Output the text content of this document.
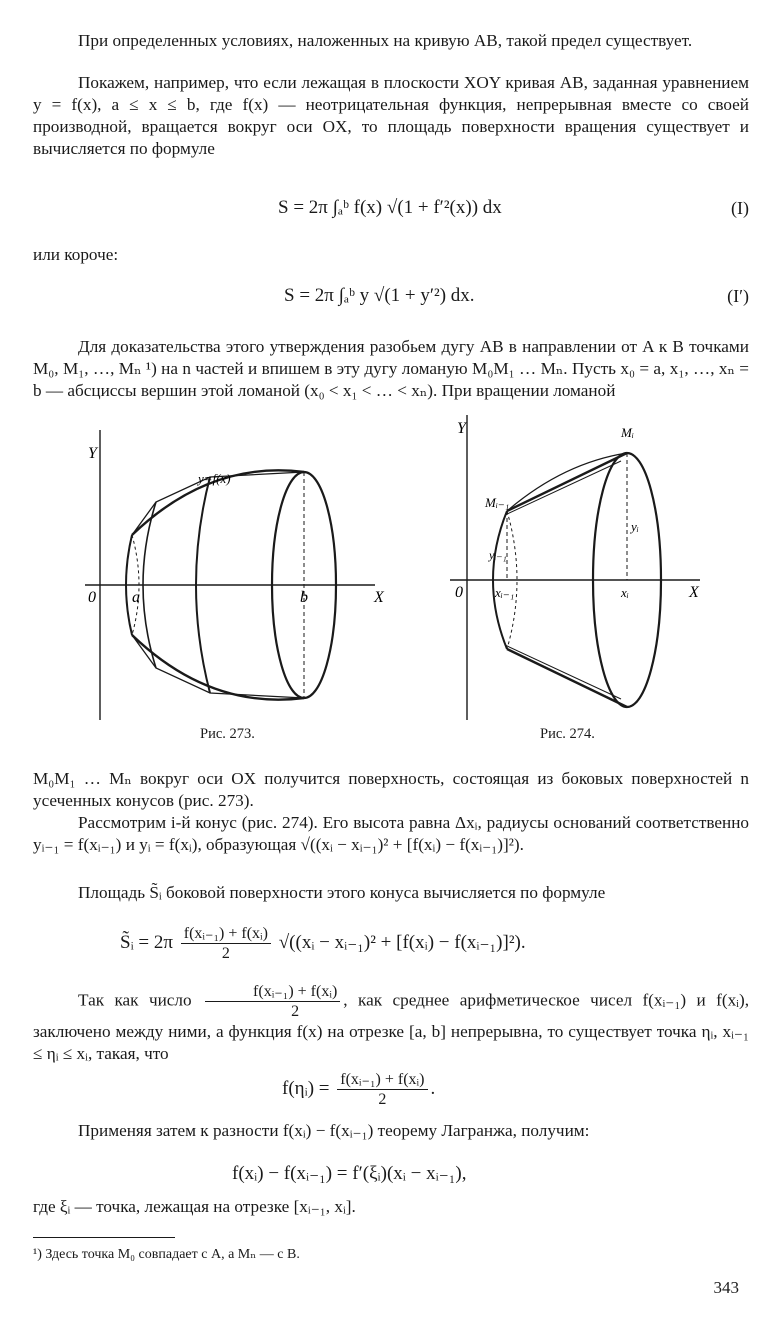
При определенных условиях, наложенных на кривую AB, такой предел существует.

Покажем, например, что если лежащая в плоскости XOY кривая AB, заданная уравнением y = f(x), a ≤ x ≤ b, где f(x) — неотрицательная функция, непрерывная вместе со своей производной, вращается вокруг оси OX, то площадь поверхности вращения существует и вычисляется по формуле

S = 2π ∫ₐᵇ f(x) √(1 + f′²(x)) dx	(I)

или короче:

S = 2π ∫ₐᵇ y √(1 + y′²) dx.	(I′)

Для доказательства этого утверждения разобьем дугу AB в направлении от A к B точками M₀, M₁, …, Mₙ ¹) на n частей и впишем в эту дугу ломаную M₀M₁ … Mₙ. Пусть x₀ = a, x₁, …, xₙ = b — абсциссы вершин этой ломаной (x₀ < x₁ < … < xₙ). При вращении ломаной

Y
X
0 a	b
y=f(x)
Рис. 273.
Y
X
0
Mᵢ₋₁
Mᵢ
yᵢ₋₁
yᵢ
xᵢ₋₁	xᵢ
Рис. 274.

M₀M₁ … Mₙ вокруг оси OX получится поверхность, состоящая из боковых поверхностей n усеченных конусов (рис. 273).

Рассмотрим i-й конус (рис. 274). Его высота равна Δxᵢ, радиусы оснований соответственно yᵢ₋₁ = f(xᵢ₋₁) и yᵢ = f(xᵢ), образующая √((xᵢ − xᵢ₋₁)² + [f(xᵢ) − f(xᵢ₋₁)]²).

Площадь S̃ᵢ боковой поверхности этого конуса вычисляется по формуле

S̃ᵢ = $2\pi \frac{\text{f(xᵢ₋₁) + f(xᵢ)}}{2}$ √((xᵢ − xᵢ₋₁)² + [f(xᵢ) − f(xᵢ₋₁)]²).
Так как число $\frac{\text{f(xᵢ₋₁) + f(xᵢ)}}{2}$ , как среднее арифметическое чисел f(xᵢ₋₁) и f(xᵢ), заключено между ними, а функция f(x) на отрезке [a, b] непрерывна, то существует точка ηᵢ, xᵢ₋₁ ≤ ηᵢ ≤ xᵢ, такая, что
f(ηᵢ) = $\frac{\text{f(xᵢ₋₁) + f(xᵢ)}}{2}$ .

Применяя затем к разности f(xᵢ) − f(xᵢ₋₁) теорему Лагранжа, получим:

f(xᵢ) − f(xᵢ₋₁) = f′(ξᵢ)(xᵢ − xᵢ₋₁),

где ξᵢ — точка, лежащая на отрезке [xᵢ₋₁, xᵢ].

¹) Здесь точка M₀ совпадает с A, а Mₙ — с B.
343
